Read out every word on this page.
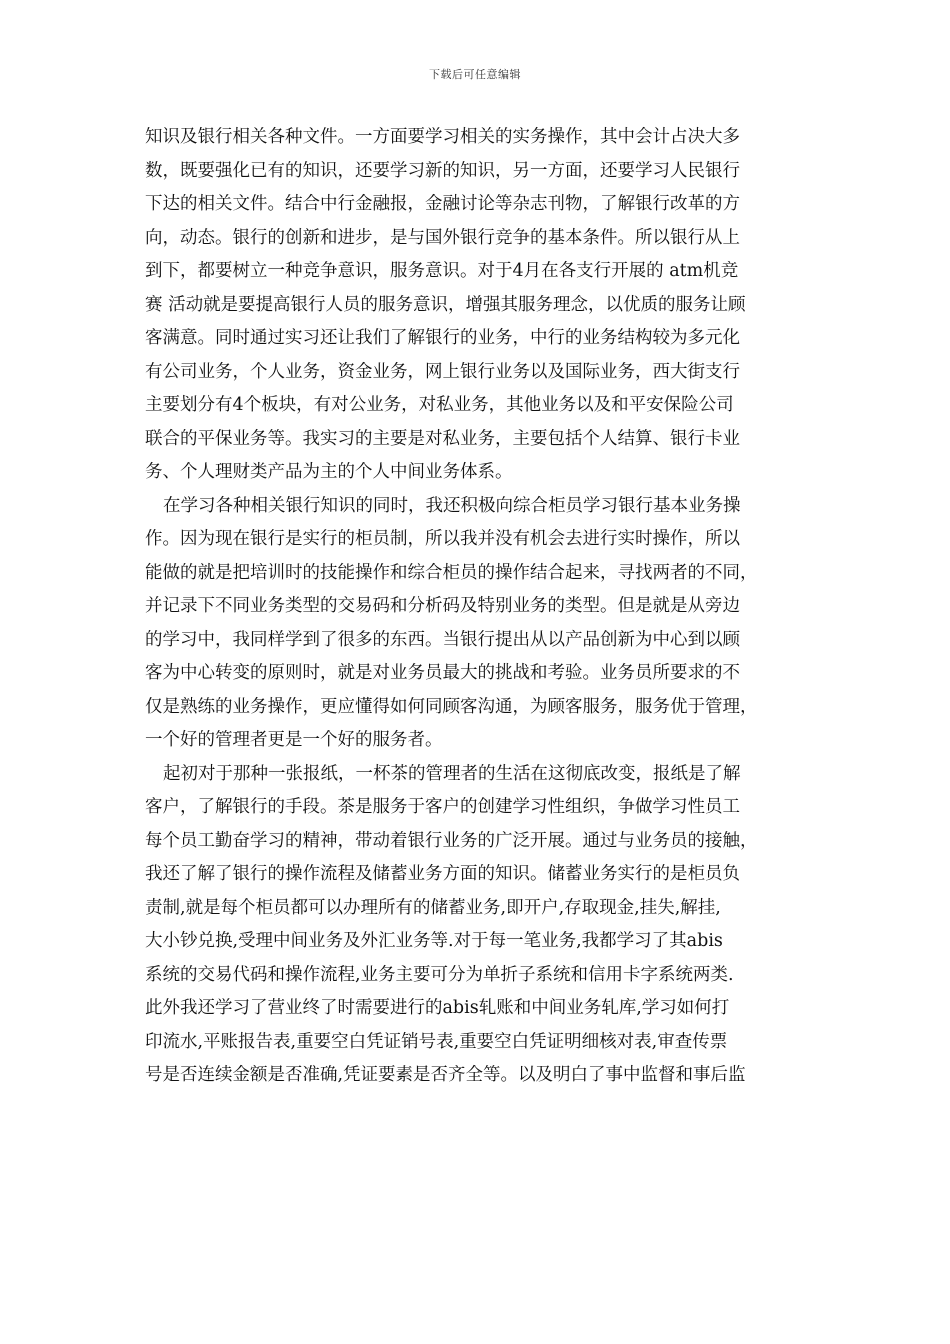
下载后可任意编辑
知识及银行相关各种文件。一方面要学习相关的实务操作，其中会计占决大多
数，既要强化已有的知识，还要学习新的知识，另一方面，还要学习人民银行
下达的相关文件。结合中行金融报，金融讨论等杂志刊物，了解银行改革的方
向，动态。银行的创新和进步，是与国外银行竞争的基本条件。所以银行从上
到下，都要树立一种竞争意识，服务意识。对于4月在各支行开展的 atm机竞
赛 活动就是要提高银行人员的服务意识，增强其服务理念，以优质的服务让顾
客满意。同时通过实习还让我们了解银行的业务，中行的业务结构较为多元化
有公司业务，个人业务，资金业务，网上银行业务以及国际业务，西大街支行
主要划分有4个板块，有对公业务，对私业务，其他业务以及和平安保险公司
联合的平保业务等。我实习的主要是对私业务，主要包括个人结算、银行卡业
务、个人理财类产品为主的个人中间业务体系。
在学习各种相关银行知识的同时，我还积极向综合柜员学习银行基本业务操
作。因为现在银行是实行的柜员制，所以我并没有机会去进行实时操作，所以
能做的就是把培训时的技能操作和综合柜员的操作结合起来，寻找两者的不同，
并记录下不同业务类型的交易码和分析码及特别业务的类型。但是就是从旁边
的学习中，我同样学到了很多的东西。当银行提出从以产品创新为中心到以顾
客为中心转变的原则时，就是对业务员最大的挑战和考验。业务员所要求的不
仅是熟练的业务操作，更应懂得如何同顾客沟通，为顾客服务，服务优于管理，
一个好的管理者更是一个好的服务者。
起初对于那种一张报纸，一杯茶的管理者的生活在这彻底改变，报纸是了解
客户，了解银行的手段。茶是服务于客户的创建学习性组织，争做学习性员工
每个员工勤奋学习的精神，带动着银行业务的广泛开展。通过与业务员的接触，
我还了解了银行的操作流程及储蓄业务方面的知识。储蓄业务实行的是柜员负
责制,就是每个柜员都可以办理所有的储蓄业务,即开户,存取现金,挂失,解挂,
大小钞兑换,受理中间业务及外汇业务等.对于每一笔业务,我都学习了其abis
系统的交易代码和操作流程,业务主要可分为单折子系统和信用卡字系统两类.
此外我还学习了营业终了时需要进行的abis轧账和中间业务轧库,学习如何打
印流水,平账报告表,重要空白凭证销号表,重要空白凭证明细核对表,审查传票
号是否连续金额是否准确,凭证要素是否齐全等。以及明白了事中监督和事后监
